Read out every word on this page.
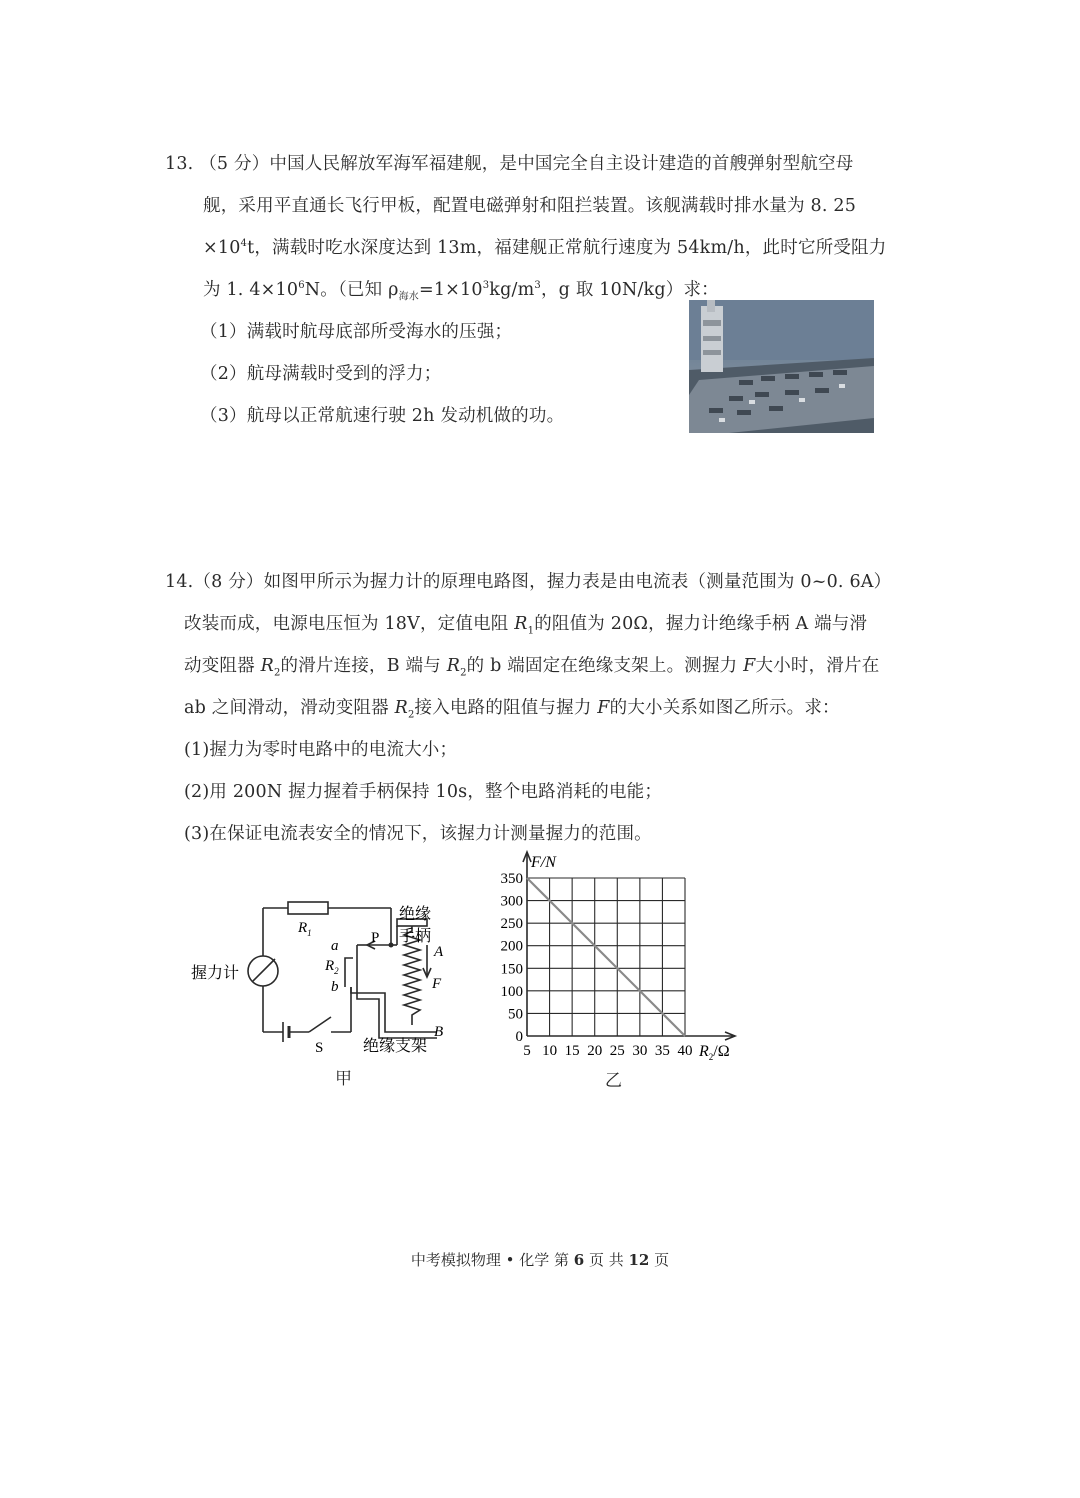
13. （5 分）中国人民解放军海军福建舰，是中国完全自主设计建造的首艘弹射型航空母
舰，采用平直通长飞行甲板，配置电磁弹射和阻拦装置。该舰满载时排水量为 8. 25
$\times 10^4t$，满载时吃水深度达到 13m，福建舰正常航行速度为 54km/h，此时它所受阻力
为 1. $4\times 10^6N$。（已知 $\rho_{海水}=1\times 10^3kg/m^3$，g 取 10N/kg）求：
（1）满载时航母底部所受海水的压强；
（2）航母满载时受到的浮力；
（3）航母以正常航速行驶 2h 发动机做的功。
14.（8 分）如图甲所示为握力计的原理电路图，握力表是由电流表（测量范围为 0~0. 6A）
改装而成，电源电压恒为 18V，定值电阻 $R_1$的阻值为 20Ω，握力计绝缘手柄 A 端与滑
动变阻器 $R_2$的滑片连接，B 端与 $R_2$的 b 端固定在绝缘支架上。测握力 F大小时，滑片在
ab 之间滑动，滑动变阻器 $R_2$接入电路的阻值与握力 F的大小关系如图乙所示。求：
(1)握力为零时电路中的电流大小；
(2)用 200N 握力握着手柄保持 10s，整个电路消耗的电能；
(3)在保证电流表安全的情况下，该握力计测量握力的范围。
握力计
$R_1$
$R_2$
a
b
P
绝缘
手柄
A
F
B
S 绝缘支架
甲
0
50
100
150
200
250
300
350
5 10 15 20 25 30 35 40
F/N
$R_2/\Omega$
乙
中考模拟物理 • 化学 第 6 页 共 12 页
